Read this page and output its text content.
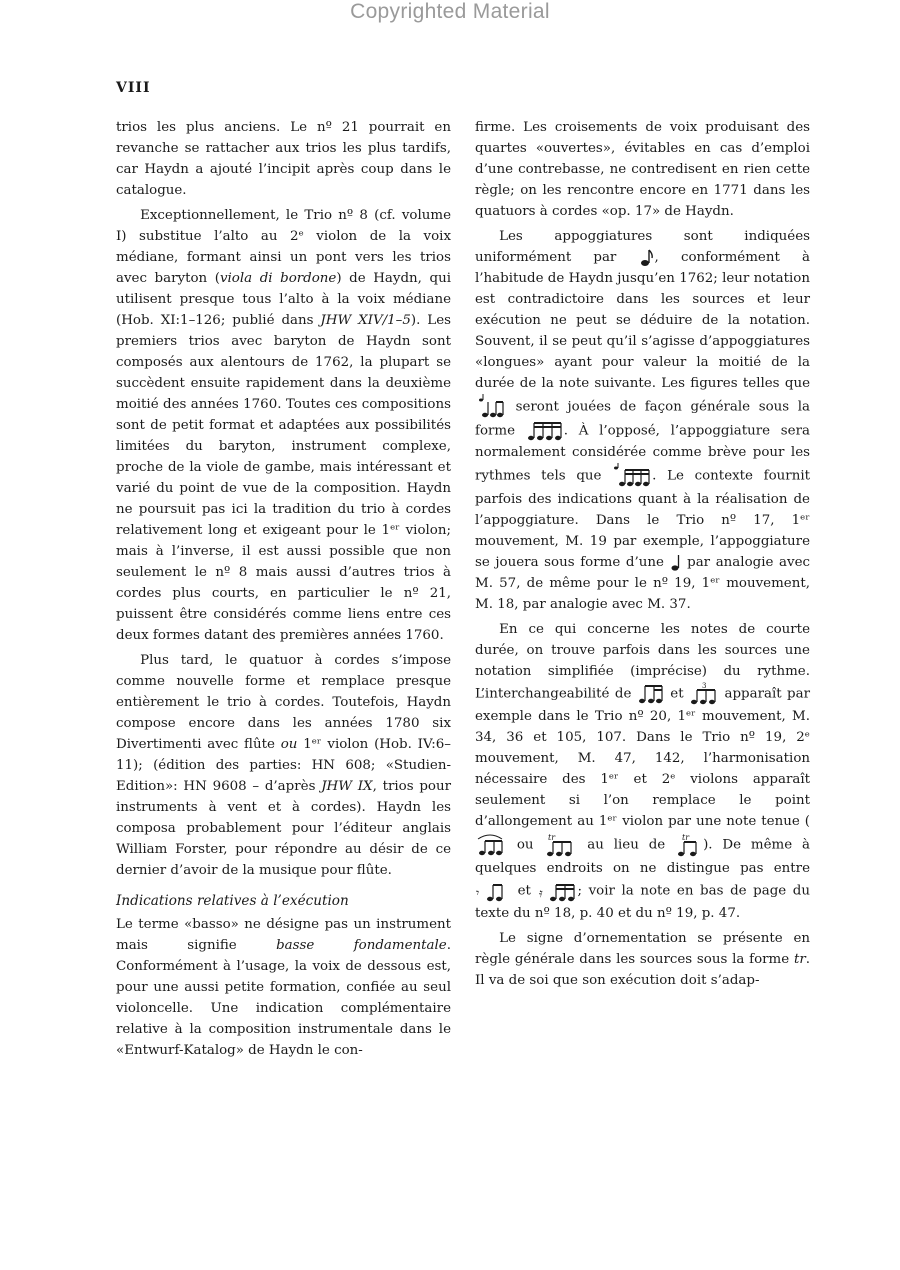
Copyrighted Material
VIII

trios les plus anciens. Le nº 21 pourrait en revanche se rattacher aux trios les plus tardifs, car Haydn a ajouté l’incipit après coup dans le catalogue.

Exceptionnellement, le Trio nº 8 (cf. volume I) substitue l’alto au 2ᵉ violon de la voix médiane, formant ainsi un pont vers les trios avec baryton (viola di bordone) de Haydn, qui utilisent presque tous l’alto à la voix médiane (Hob. XI:1–126; publié dans JHW XIV/1–5). Les premiers trios avec baryton de Haydn sont composés aux alentours de 1762, la plupart se succèdent ensuite rapidement dans la deuxième moitié des années 1760. Toutes ces compositions sont de petit format et adaptées aux possibilités limitées du baryton, instrument complexe, proche de la viole de gambe, mais intéressant et varié du point de vue de la composition. Haydn ne poursuit pas ici la tradition du trio à cordes relativement long et exigeant pour le 1ᵉʳ violon; mais à l’inverse, il est aussi possible que non seulement le nº 8 mais aussi d’autres trios à cordes plus courts, en particulier le nº 21, puissent être considérés comme liens entre ces deux formes datant des premières années 1760.

Plus tard, le quatuor à cordes s’impose comme nouvelle forme et remplace presque entièrement le trio à cordes. Toutefois, Haydn compose encore dans les années 1780 six Divertimenti avec flûte ou 1ᵉʳ violon (Hob. IV:6–11); (édition des parties: HN 608; «Studien-Edition»: HN 9608 – d’après JHW IX, trios pour instruments à vent et à cordes). Haydn les composa probablement pour l’éditeur anglais William Forster, pour répondre au désir de ce dernier d’avoir de la musique pour flûte.

Indications relatives à l’exécution

Le terme «basso» ne désigne pas un instrument mais signifie basse fondamentale. Conformément à l’usage, la voix de dessous est, pour une aussi petite formation, confiée au seul violoncelle. Une indication complémentaire relative à la composition instrumentale dans le «Entwurf-Katalog» de Haydn le con-

firme. Les croisements de voix produisant des quartes «ouvertes», évitables en cas d’emploi d’une contrebasse, ne contredisent en rien cette règle; on les rencontre encore en 1771 dans les quatuors à cordes «op. 17» de Haydn.

Les appoggiatures sont indiquées uniformément par	, conformément à l’habitude de Haydn jusqu’en 1762; leur notation est contradictoire dans les sources et leur exécution ne peut se déduire de la notation. Souvent, il se peut qu’il s’agisse d’appoggiatures «longues» ayant pour valeur la moitié de la durée de la note suivante. Les figures telles que
seront jouées de façon générale sous la forme	. À l’opposé, l’appoggiature sera normalement considérée comme brève pour les rythmes tels que	. Le contexte fournit parfois des indications quant à la réalisation de l’appoggiature. Dans le Trio nº 17, 1ᵉʳ mouvement, M. 19 par exemple, l’appoggiature se jouera sous forme d’une par analogie avec M. 57, de même pour le nº 19, 1ᵉʳ mouvement, M. 18, par analogie avec M. 37.

En ce qui concerne les notes de courte durée, on trouve parfois dans les sources une notation simplifiée (imprécise) du rythme. L’interchangeabilité de	et
3
apparaît par exemple dans le Trio nº 20, 1ᵉʳ mouvement, M. 34, 36 et 105, 107. Dans le Trio nº 19, 2ᵉ mouvement, M. 47, 142, l’harmonisation nécessaire des 1ᵉʳ et 2ᵉ violons apparaît seulement si l’on remplace le point d’allongement au 1ᵉʳ violon par une note tenue (
ou tr au lieu de tr ). De même à quelques endroits on ne distingue pas entre
𝄾	et 𝄿	; voir la note en bas de page du texte du nº 18, p. 40 et du nº 19, p. 47.

Le signe d’ornementation se présente en règle générale dans les sources sous la forme tr. Il va de soi que son exécution doit s’adap-
